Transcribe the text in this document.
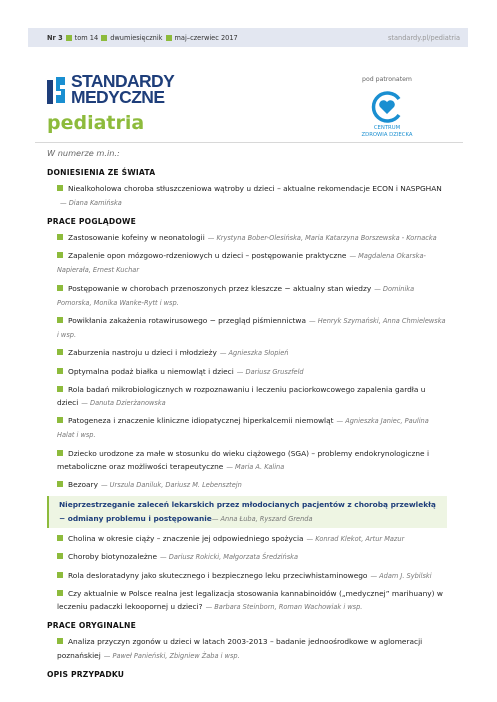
Nr 3 tom 14 dwumiesięcznik maj–czerwiec 2017	standardy.pl/pediatria
STANDARDY
MEDYCZNE
pediatria
pod patronatem
CENTRUM
ZDROWIA DZIECKA
W numerze m.in.:
DONIESIENIA ZE ŚWIATA
Niealkoholowa choroba stłuszczeniowa wątroby u dzieci – aktualne rekomendacje ECON i NASPGHAN— Diana Kamińska
PRACE POGLĄDOWE
Zastosowanie kofeiny w neonatologii — Krystyna Bober-Olesińska, Maria Katarzyna Borszewska - Kornacka
Zapalenie opon mózgowo-rdzeniowych u dzieci – postępowanie praktyczne — Magdalena Okarska-Napierała, Ernest Kuchar
Postępowanie w chorobach przenoszonych przez kleszcze − aktualny stan wiedzy — Dominika Pomorska, Monika Wanke-Rytt i wsp.
Powikłania zakażenia rotawirusowego − przegląd piśmiennictwa — Henryk Szymański, Anna Chmielewska i wsp.
Zaburzenia nastroju u dzieci i młodzieży — Agnieszka Słopień
Optymalna podaż białka u niemowląt i dzieci — Dariusz Gruszfeld
Rola badań mikrobiologicznych w rozpoznawaniu i leczeniu paciorkowcowego zapalenia gardła u dzieci — Danuta Dzierżanowska
Patogeneza i znaczenie kliniczne idiopatycznej hiperkalcemii niemowląt — Agnieszka Janiec, Paulina Halat i wsp.
Dziecko urodzone za małe w stosunku do wieku ciążowego (SGA) – problemy endokrynologiczne i metaboliczne oraz możliwości terapeutyczne — Maria A. Kalina
Bezoary — Urszula Daniluk, Dariusz M. Lebensztejn
Nieprzestrzeganie zaleceń lekarskich przez młodocianych pacjentów z chorobą przewlekłą − odmiany problemu i postępowanie— Anna Łuba, Ryszard Grenda
Cholina w okresie ciąży – znaczenie jej odpowiedniego spożycia — Konrad Klekot, Artur Mazur
Choroby biotynozależne — Dariusz Rokicki, Małgorzata Średzińska
Rola desloratadyny jako skutecznego i bezpiecznego leku przeciwhistaminowego — Adam J. Sybilski
Czy aktualnie w Polsce realna jest legalizacja stosowania kannabinoidów („medycznej” marihuany) w leczeniu padaczki lekoopornej u dzieci? — Barbara Steinborn, Roman Wachowiak i wsp.
PRACE ORYGINALNE
Analiza przyczyn zgonów u dzieci w latach 2003-2013 – badanie jednoośrodkowe w aglomeracji poznańskiej — Paweł Panieński, Zbigniew Żaba i wsp.
OPIS PRZYPADKU
